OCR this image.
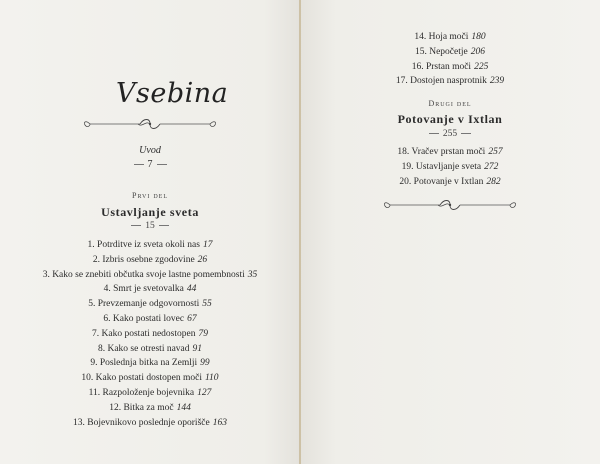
Vsebina
Uvod
7
Prvi del
Ustavljanje sveta
15
1. Potrditve iz sveta okoli nas 17
2. Izbris osebne zgodovine 26
3. Kako se znebiti občutka svoje lastne pomembnosti 35
4. Smrt je svetovalka 44
5. Prevzemanje odgovornosti 55
6. Kako postati lovec 67
7. Kako postati nedostopen 79
8. Kako se otresti navad 91
9. Poslednja bitka na Zemlji 99
10. Kako postati dostopen moči 110
11. Razpoloženje bojevnika 127
12. Bitka za moč 144
13. Bojevnikovo poslednje oporišče 163
14. Hoja moči 180
15. Nepočetje 206
16. Prstan moči 225
17. Dostojen nasprotnik 239
Drugi del
Potovanje v Ixtlan
255
18. Vračev prstan moči 257
19. Ustavljanje sveta 272
20. Potovanje v Ixtlan 282
